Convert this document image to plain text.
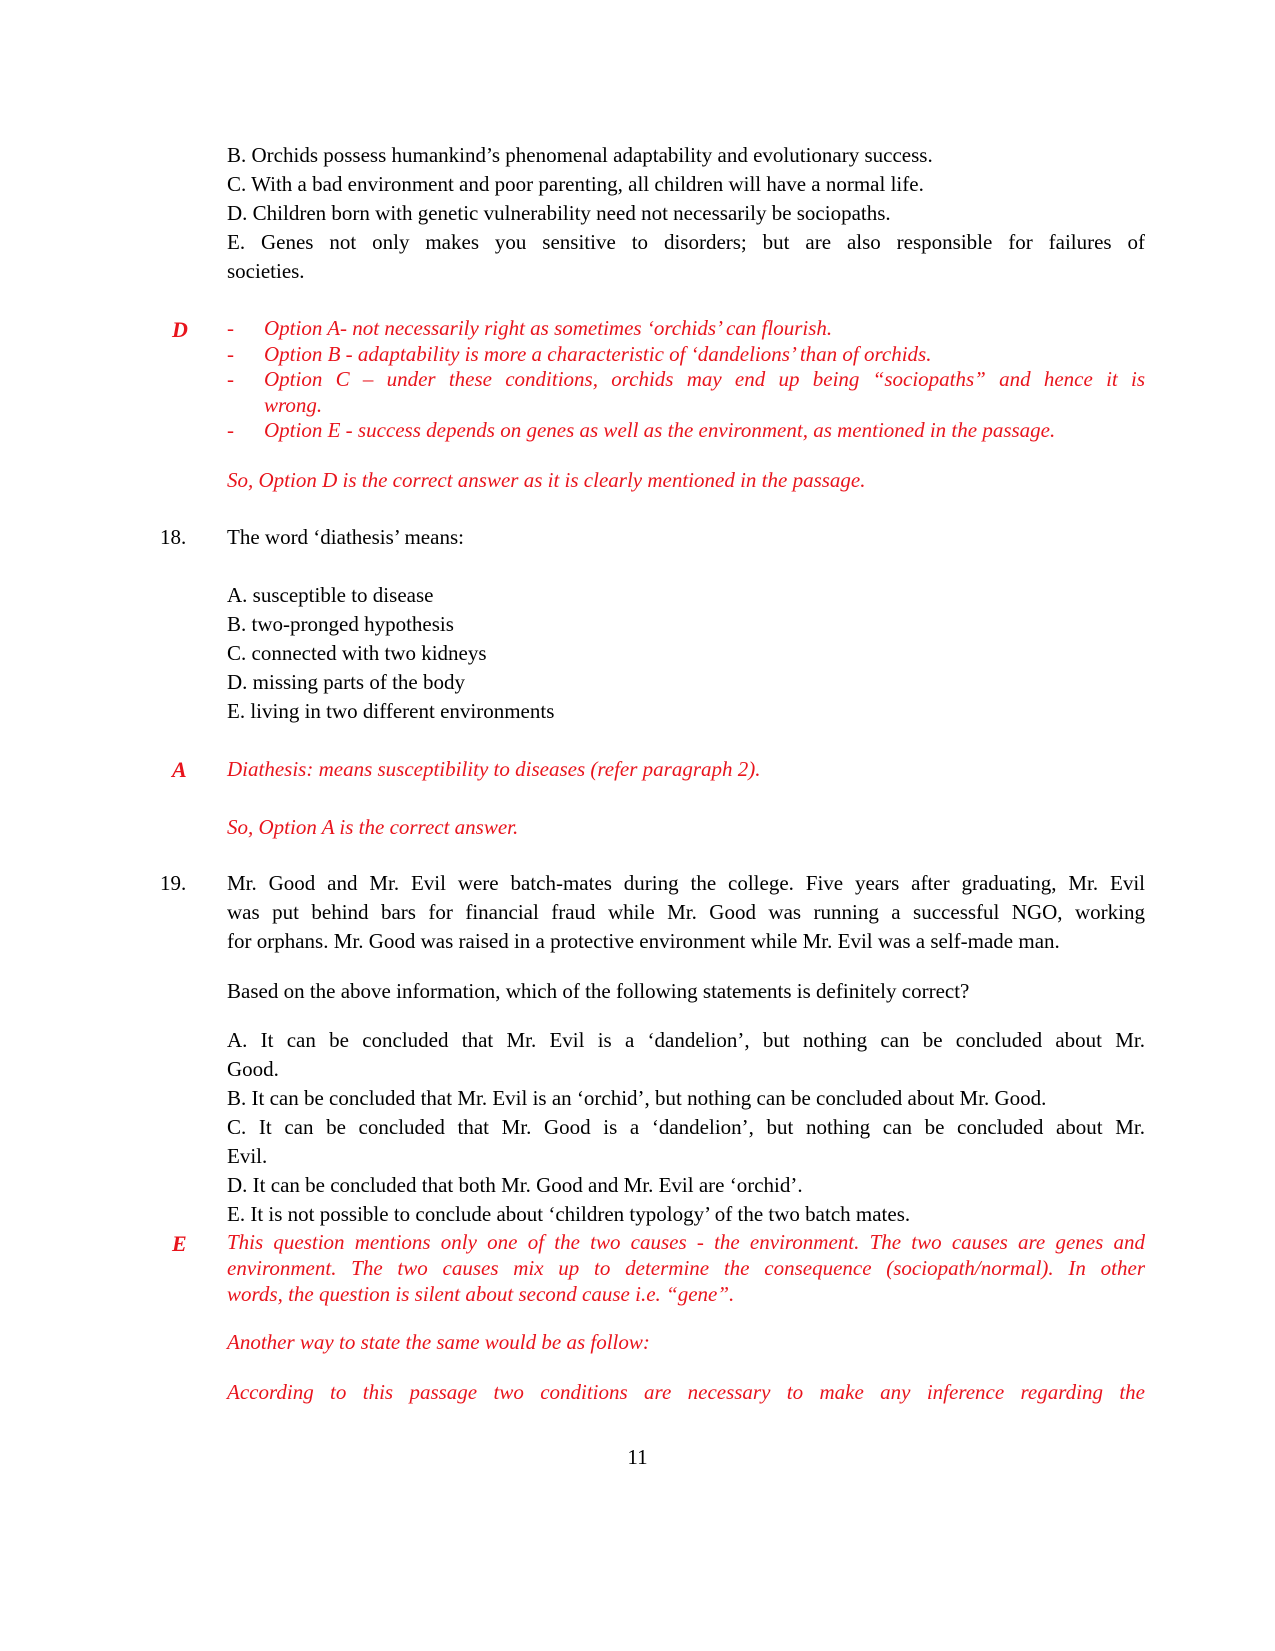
B. Orchids possess humankind’s phenomenal adaptability and evolutionary success.
C. With a bad environment and poor parenting, all children will have a normal life.
D. Children born with genetic vulnerability need not necessarily be sociopaths.
E. Genes not only makes you sensitive to disorders; but are also responsible for failures of
societies.
D - Option A- not necessarily right as sometimes ‘orchids’ can flourish.
- Option B - adaptability is more a characteristic of ‘dandelions’ than of orchids.
- Option C – under these conditions, orchids may end up being “sociopaths” and hence it is
wrong.
- Option E - success depends on genes as well as the environment, as mentioned in the passage.
So, Option D is the correct answer as it is clearly mentioned in the passage.
18. The word ‘diathesis’ means:
A. susceptible to disease
B. two-pronged hypothesis
C. connected with two kidneys
D. missing parts of the body
E. living in two different environments
A Diathesis: means susceptibility to diseases (refer paragraph 2).
So, Option A is the correct answer.
19. Mr. Good and Mr. Evil were batch-mates during the college. Five years after graduating, Mr. Evil
was put behind bars for financial fraud while Mr. Good was running a successful NGO, working
for orphans. Mr. Good was raised in a protective environment while Mr. Evil was a self-made man.
Based on the above information, which of the following statements is definitely correct?
A. It can be concluded that Mr. Evil is a ‘dandelion’, but nothing can be concluded about Mr.
Good.
B. It can be concluded that Mr. Evil is an ‘orchid’, but nothing can be concluded about Mr. Good.
C. It can be concluded that Mr. Good is a ‘dandelion’, but nothing can be concluded about Mr.
Evil.
D. It can be concluded that both Mr. Good and Mr. Evil are ‘orchid’.
E. It is not possible to conclude about ‘children typology’ of the two batch mates.
E This question mentions only one of the two causes - the environment. The two causes are genes and
environment. The two causes mix up to determine the consequence (sociopath/normal). In other
words, the question is silent about second cause i.e. “gene”.
Another way to state the same would be as follow:
According to this passage two conditions are necessary to make any inference regarding the
11
